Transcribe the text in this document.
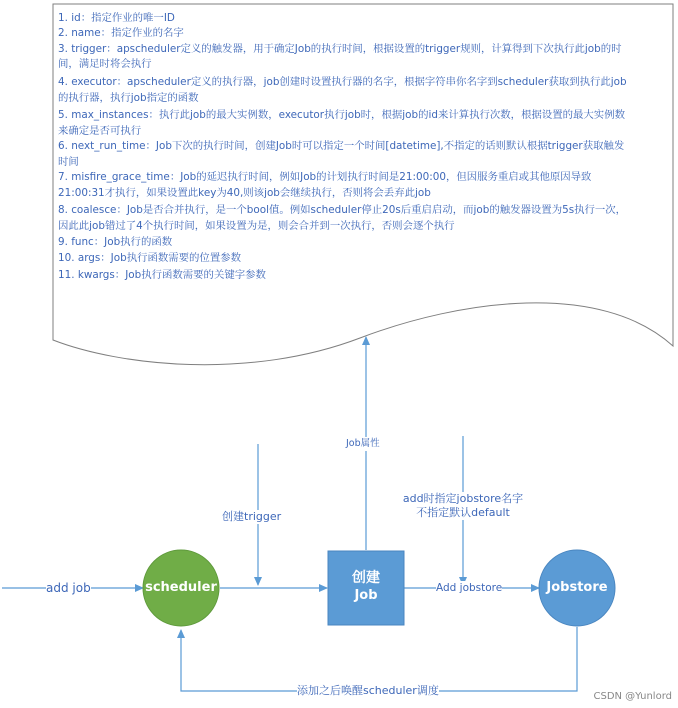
1. id：指定作业的唯一ID
2. name：指定作业的名字
3. trigger：apscheduler定义的触发器，用于确定Job的执行时间，根据设置的trigger规则，计算得到下次执行此job的时
间，满足时将会执行
4. executor：apscheduler定义的执行器，job创建时设置执行器的名字，根据字符串你名字到scheduler获取到执行此job
的执行器，执行job指定的函数
5. max_instances：执行此job的最大实例数，executor执行job时，根据job的id来计算执行次数，根据设置的最大实例数
来确定是否可执行
6. next_run_time：Job下次的执行时间，创建Job时可以指定一个时间[datetime],不指定的话则默认根据trigger获取触发
时间
7. misfire_grace_time：Job的延迟执行时间，例如Job的计划执行时间是21:00:00，但因服务重启或其他原因导致
21:00:31才执行，如果设置此key为40,则该job会继续执行，否则将会丢弃此job
8. coalesce：Job是否合并执行，是一个bool值。例如scheduler停止20s后重启启动，而job的触发器设置为5s执行一次，
因此此job错过了4个执行时间，如果设置为是，则会合并到一次执行，否则会逐个执行
9. func：Job执行的函数
10. args：Job执行函数需要的位置参数
11. kwargs：Job执行函数需要的关键字参数
add job
创建trigger
Job属性
add时指定jobstore名字
不指定默认default
Add jobstore
添加之后唤醒scheduler调度
scheduler
创建
Job
Jobstore
CSDN @Yunlord
